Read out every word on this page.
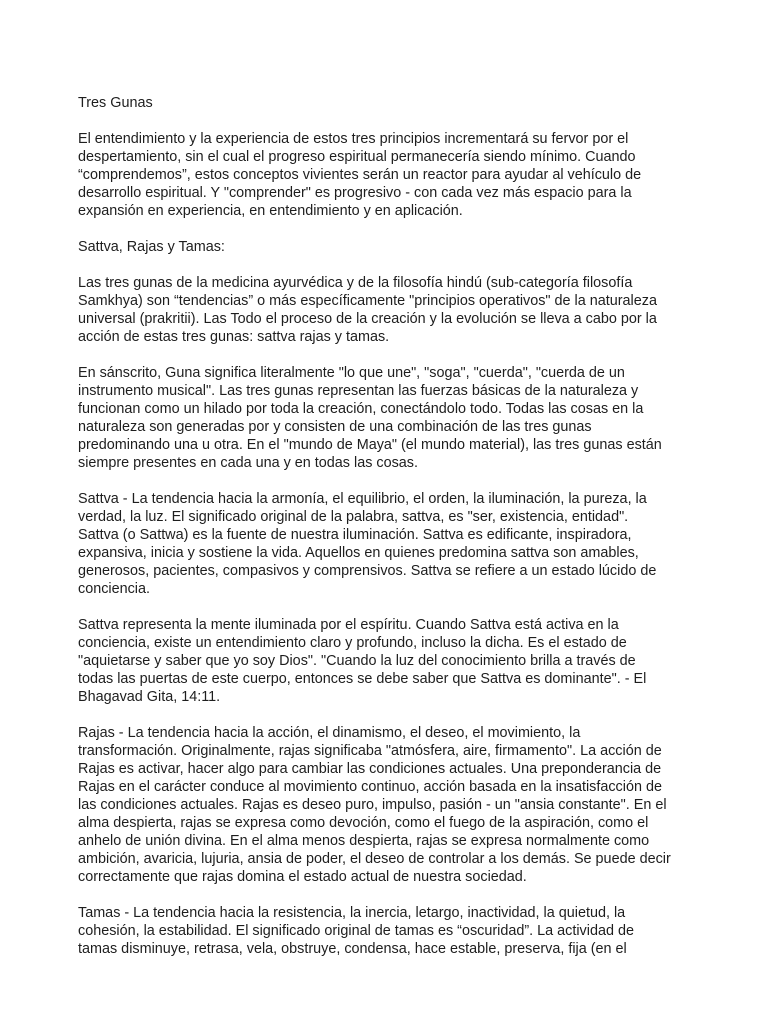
Tres Gunas

El entendimiento y la experiencia de estos tres principios incrementará su fervor por el
despertamiento, sin el cual el progreso espiritual permanecería siendo mínimo. Cuando
“comprendemos”, estos conceptos vivientes serán un reactor para ayudar al vehículo de
desarrollo espiritual. Y "comprender" es progresivo - con cada vez más espacio para la
expansión en experiencia, en entendimiento y en aplicación.

Sattva, Rajas y Tamas:

Las tres gunas de la medicina ayurvédica y de la filosofía hindú (sub-categoría filosofía
Samkhya) son “tendencias” o más específicamente "principios operativos" de la naturaleza
universal (prakritii). Las Todo el proceso de la creación y la evolución se lleva a cabo por la
acción de estas tres gunas: sattva rajas y tamas.

En sánscrito, Guna significa literalmente "lo que une", "soga", "cuerda", "cuerda de un
instrumento musical". Las tres gunas representan las fuerzas básicas de la naturaleza y
funcionan como un hilado por toda la creación, conectándolo todo. Todas las cosas en la
naturaleza son generadas por y consisten de una combinación de las tres gunas
predominando una u otra. En el "mundo de Maya" (el mundo material), las tres gunas están
siempre presentes en cada una y en todas las cosas.

Sattva - La tendencia hacia la armonía, el equilibrio, el orden, la iluminación, la pureza, la
verdad, la luz. El significado original de la palabra, sattva, es "ser, existencia, entidad".
Sattva (o Sattwa) es la fuente de nuestra iluminación. Sattva es edificante, inspiradora,
expansiva, inicia y sostiene la vida. Aquellos en quienes predomina sattva son amables,
generosos, pacientes, compasivos y comprensivos. Sattva se refiere a un estado lúcido de
conciencia.

Sattva representa la mente iluminada por el espíritu. Cuando Sattva está activa en la
conciencia, existe un entendimiento claro y profundo, incluso la dicha. Es el estado de
"aquietarse y saber que yo soy Dios". "Cuando la luz del conocimiento brilla a través de
todas las puertas de este cuerpo, entonces se debe saber que Sattva es dominante". - El
Bhagavad Gita, 14:11.

Rajas - La tendencia hacia la acción, el dinamismo, el deseo, el movimiento, la
transformación. Originalmente, rajas significaba "atmósfera, aire, firmamento". La acción de
Rajas es activar, hacer algo para cambiar las condiciones actuales. Una preponderancia de
Rajas en el carácter conduce al movimiento continuo, acción basada en la insatisfacción de
las condiciones actuales. Rajas es deseo puro, impulso, pasión - un "ansia constante". En el
alma despierta, rajas se expresa como devoción, como el fuego de la aspiración, como el
anhelo de unión divina. En el alma menos despierta, rajas se expresa normalmente como
ambición, avaricia, lujuria, ansia de poder, el deseo de controlar a los demás. Se puede decir
correctamente que rajas domina el estado actual de nuestra sociedad.

Tamas - La tendencia hacia la resistencia, la inercia, letargo, inactividad, la quietud, la
cohesión, la estabilidad. El significado original de tamas es “oscuridad”. La actividad de
tamas disminuye, retrasa, vela, obstruye, condensa, hace estable, preserva, fija (en el
